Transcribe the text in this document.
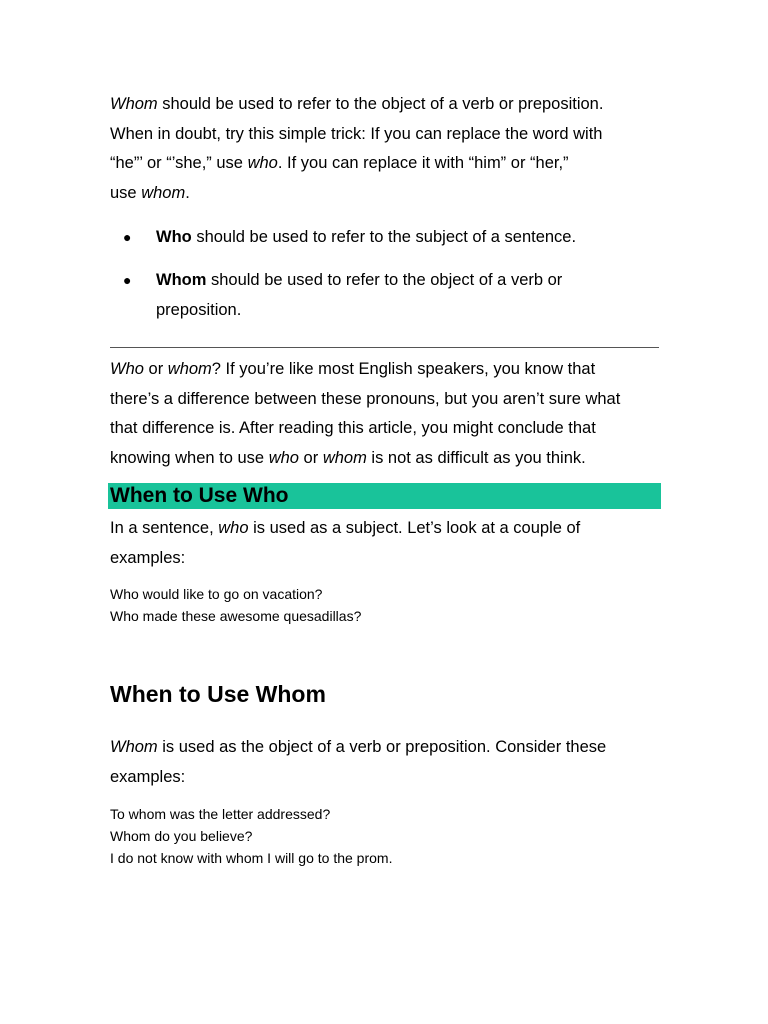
Whom should be used to refer to the object of a verb or preposition.
When in doubt, try this simple trick: If you can replace the word with
“he”’ or “’she,” use who. If you can replace it with “him” or “her,”
use whom.

● Who should be used to refer to the subject of a sentence.
● Whom should be used to refer to the object of a verb or
preposition.

Who or whom? If you’re like most English speakers, you know that
there’s a difference between these pronouns, but you aren’t sure what
that difference is. After reading this article, you might conclude that
knowing when to use who or whom is not as difficult as you think.

When to Use Who

In a sentence, who is used as a subject. Let’s look at a couple of
examples:

Who would like to go on vacation?
Who made these awesome quesadillas?
When to Use Whom

Whom is used as the object of a verb or preposition. Consider these
examples:

To whom was the letter addressed?
Whom do you believe?
I do not know with whom I will go to the prom.
